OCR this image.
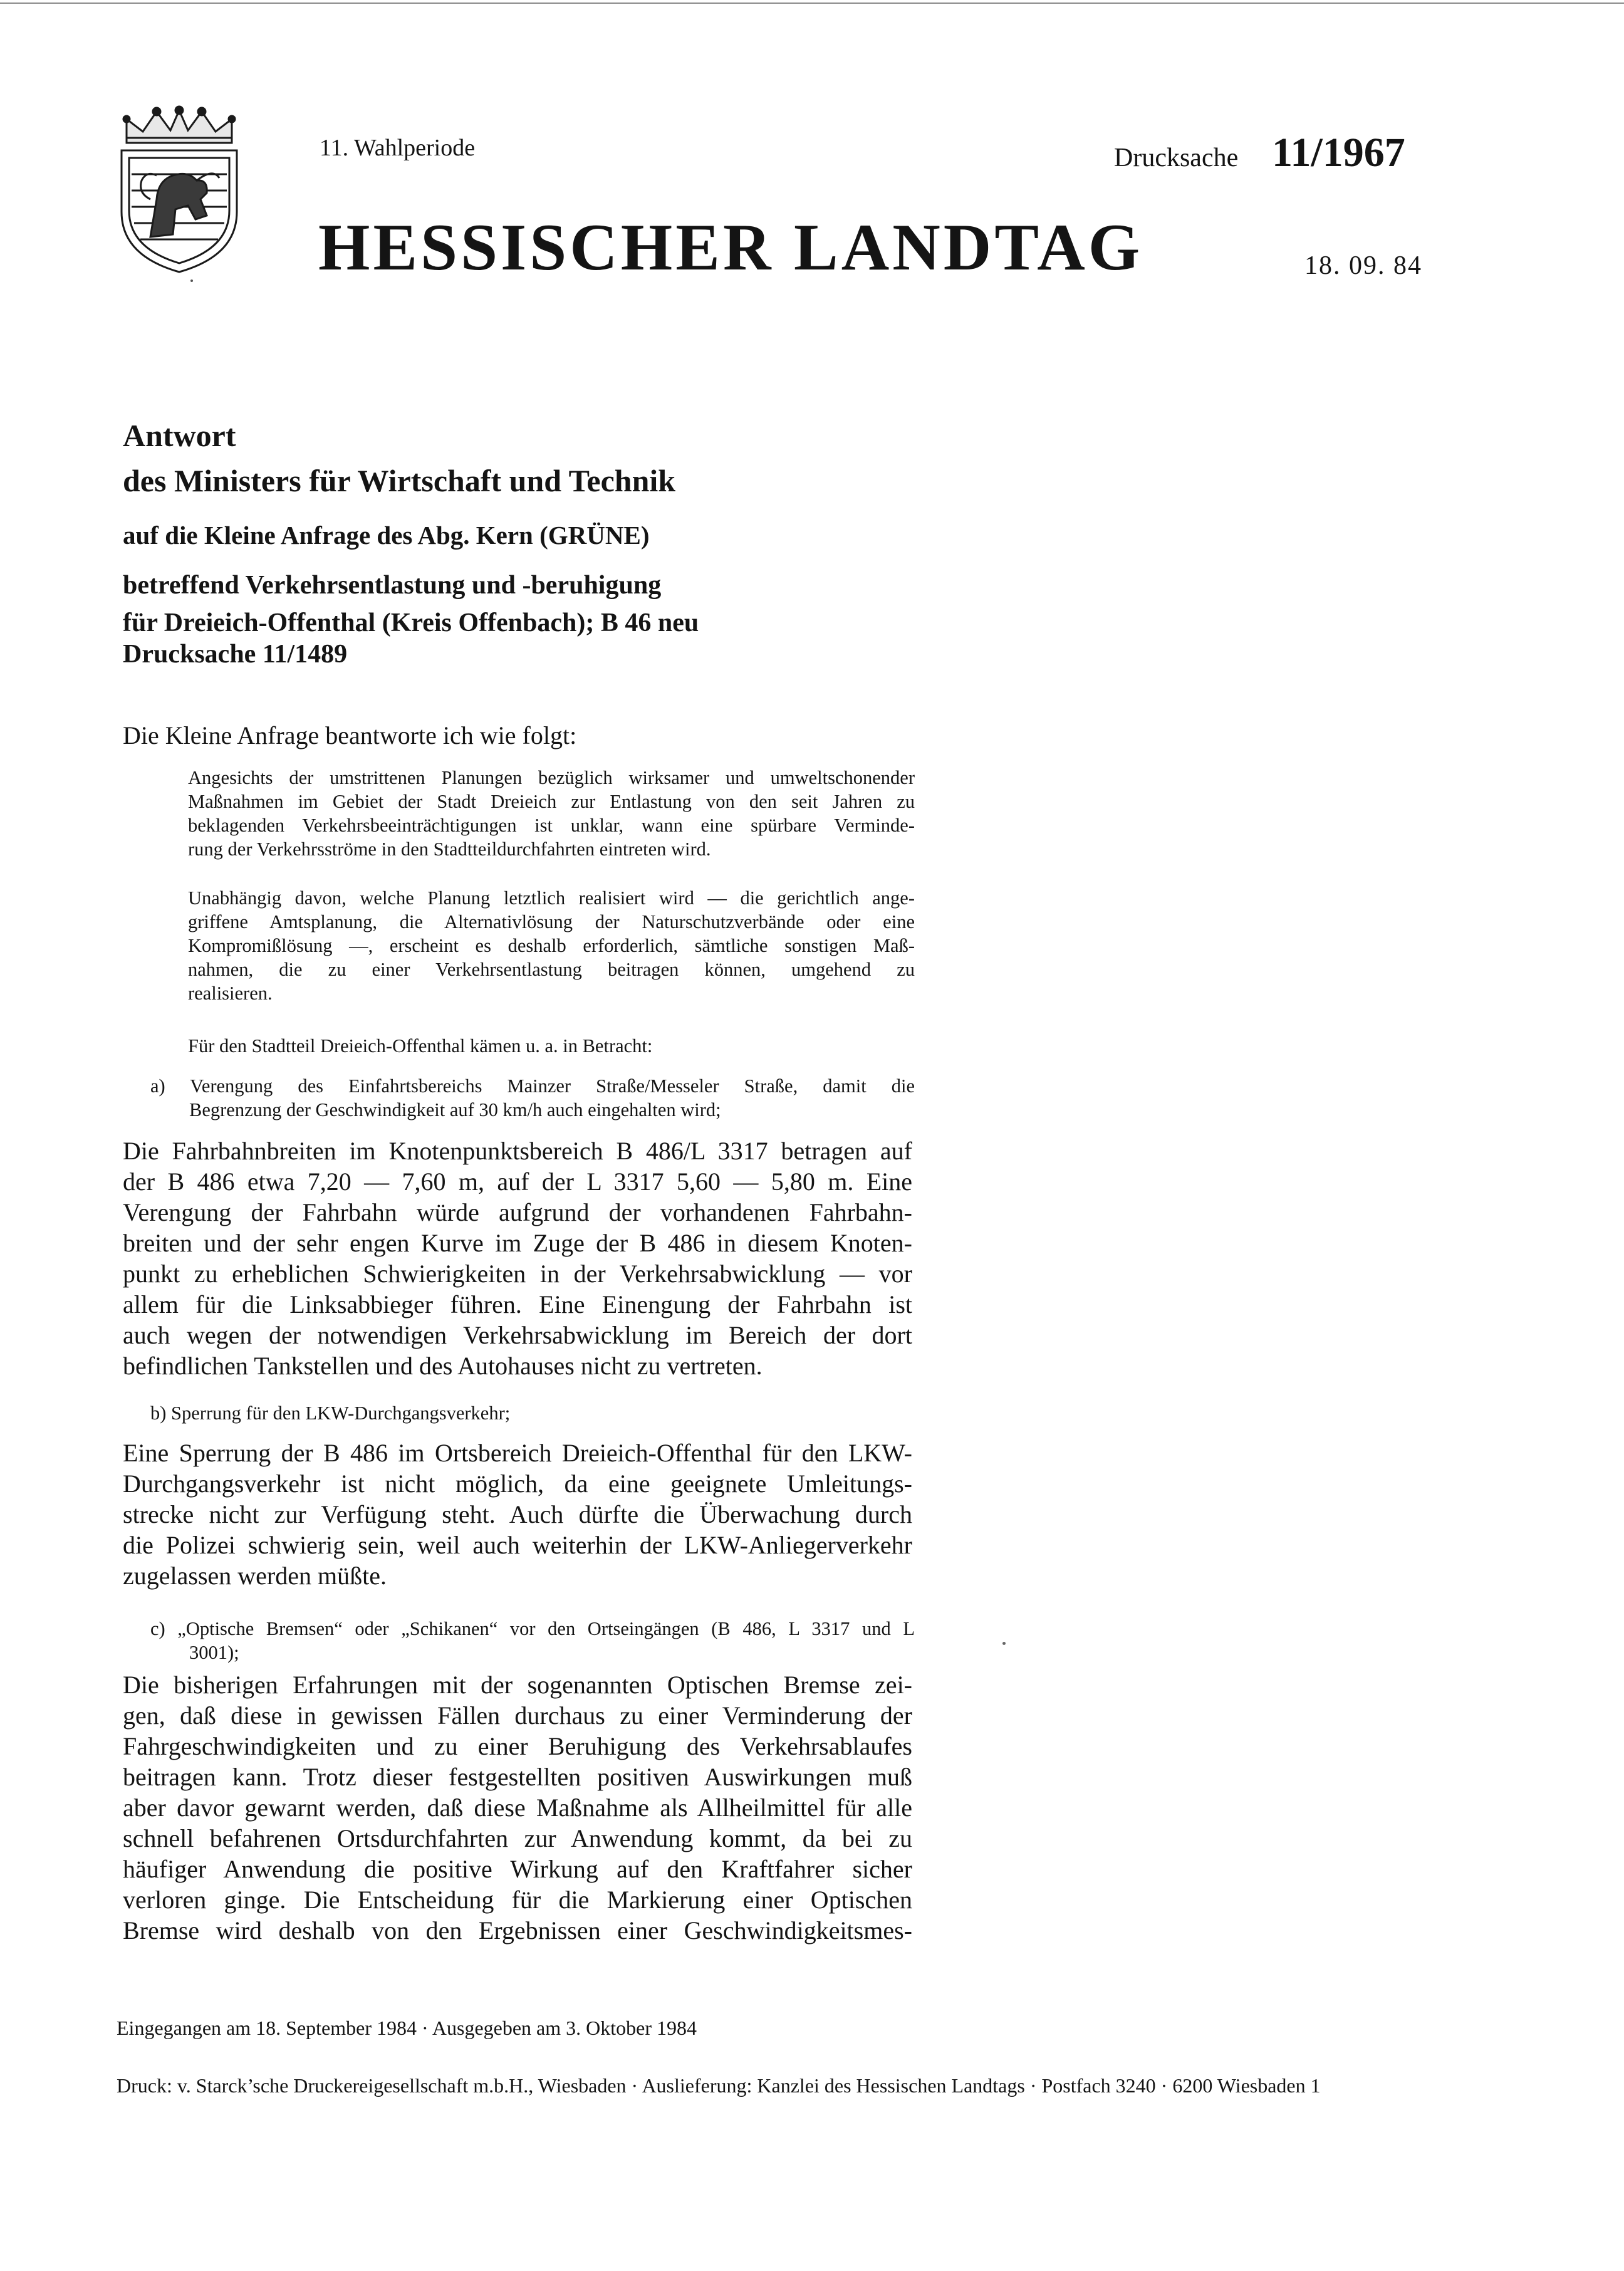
11. Wahlperiode	Drucksache 11/1967
HESSISCHER LANDTAG	18. 09. 84
Antwort
des Ministers für Wirtschaft und Technik
auf die Kleine Anfrage des Abg. Kern (GRÜNE)
betreffend Verkehrsentlastung und -beruhigung
für Dreieich-Offenthal (Kreis Offenbach); B 46 neu
Drucksache 11/1489
Die Kleine Anfrage beantworte ich wie folgt:
Angesichts der umstrittenen Planungen bezüglich wirksamer und umweltschonender
Maßnahmen im Gebiet der Stadt Dreieich zur Entlastung von den seit Jahren zu
beklagenden Verkehrsbeeinträchtigungen ist unklar, wann eine spürbare Verminde-
rung der Verkehrsströme in den Stadtteildurchfahrten eintreten wird.
Unabhängig davon, welche Planung letztlich realisiert wird — die gerichtlich ange-
griffene Amtsplanung, die Alternativlösung der Naturschutzverbände oder eine
Kompromißlösung —, erscheint es deshalb erforderlich, sämtliche sonstigen Maß-
nahmen, die zu einer Verkehrsentlastung beitragen können, umgehend zu
realisieren.
Für den Stadtteil Dreieich-Offenthal kämen u. a. in Betracht:
a) Verengung des Einfahrtsbereichs Mainzer Straße/Messeler Straße, damit die
Begrenzung der Geschwindigkeit auf 30 km/h auch eingehalten wird;
Die Fahrbahnbreiten im Knotenpunktsbereich B 486/L 3317 betragen auf
der B 486 etwa 7,20 — 7,60 m, auf der L 3317 5,60 — 5,80 m. Eine
Verengung der Fahrbahn würde aufgrund der vorhandenen Fahrbahn-
breiten und der sehr engen Kurve im Zuge der B 486 in diesem Knoten-
punkt zu erheblichen Schwierigkeiten in der Verkehrsabwicklung — vor
allem für die Linksabbieger führen. Eine Einengung der Fahrbahn ist
auch wegen der notwendigen Verkehrsabwicklung im Bereich der dort
befindlichen Tankstellen und des Autohauses nicht zu vertreten.
b) Sperrung für den LKW-Durchgangsverkehr;
Eine Sperrung der B 486 im Ortsbereich Dreieich-Offenthal für den LKW-
Durchgangsverkehr ist nicht möglich, da eine geeignete Umleitungs-
strecke nicht zur Verfügung steht. Auch dürfte die Überwachung durch
die Polizei schwierig sein, weil auch weiterhin der LKW-Anliegerverkehr
zugelassen werden müßte.
c) „Optische Bremsen“ oder „Schikanen“ vor den Ortseingängen (B 486, L 3317 und L
3001);
Die bisherigen Erfahrungen mit der sogenannten Optischen Bremse zei-
gen, daß diese in gewissen Fällen durchaus zu einer Verminderung der
Fahrgeschwindigkeiten und zu einer Beruhigung des Verkehrsablaufes
beitragen kann. Trotz dieser festgestellten positiven Auswirkungen muß
aber davor gewarnt werden, daß diese Maßnahme als Allheilmittel für alle
schnell befahrenen Ortsdurchfahrten zur Anwendung kommt, da bei zu
häufiger Anwendung die positive Wirkung auf den Kraftfahrer sicher
verloren ginge. Die Entscheidung für die Markierung einer Optischen
Bremse wird deshalb von den Ergebnissen einer Geschwindigkeitsmes-
Eingegangen am 18. September 1984 · Ausgegeben am 3. Oktober 1984
Druck: v. Starck’sche Druckereigesellschaft m.b.H., Wiesbaden · Auslieferung: Kanzlei des Hessischen Landtags · Postfach 3240 · 6200 Wiesbaden 1
